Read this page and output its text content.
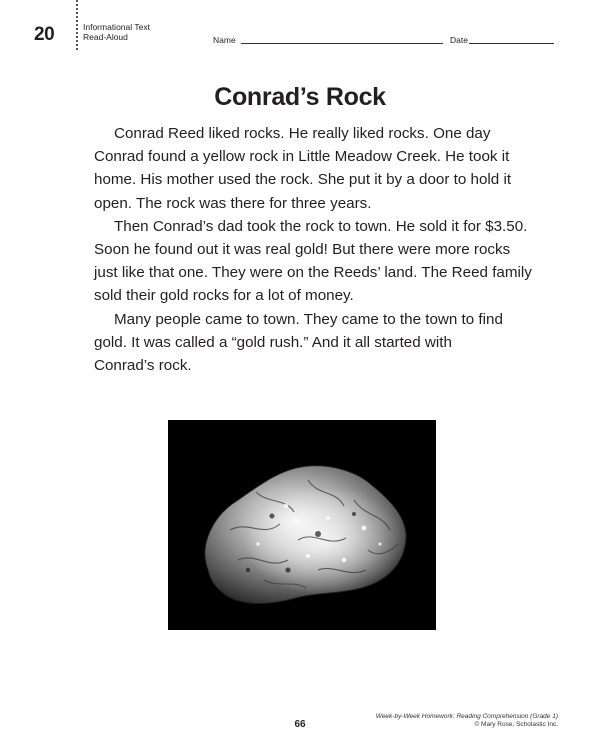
20	Informational Text
Read-Aloud	Name	Date
Conrad’s Rock

Conrad Reed liked rocks. He really liked rocks. One day
Conrad found a yellow rock in Little Meadow Creek. He took it
home. His mother used the rock. She put it by a door to hold it
open. The rock was there for three years.

Then Conrad’s dad took the rock to town. He sold it for $3.50.
Soon he found out it was real gold! But there were more rocks
just like that one. They were on the Reeds’ land. The Reed family
sold their gold rocks for a lot of money.

Many people came to town. They came to the town to find
gold. It was called a “gold rush.” And it all started with
Conrad’s rock.

Week-by-Week Homework: Reading Comprehension (Grade 1)
© Mary Rose, Scholastic Inc.
66
